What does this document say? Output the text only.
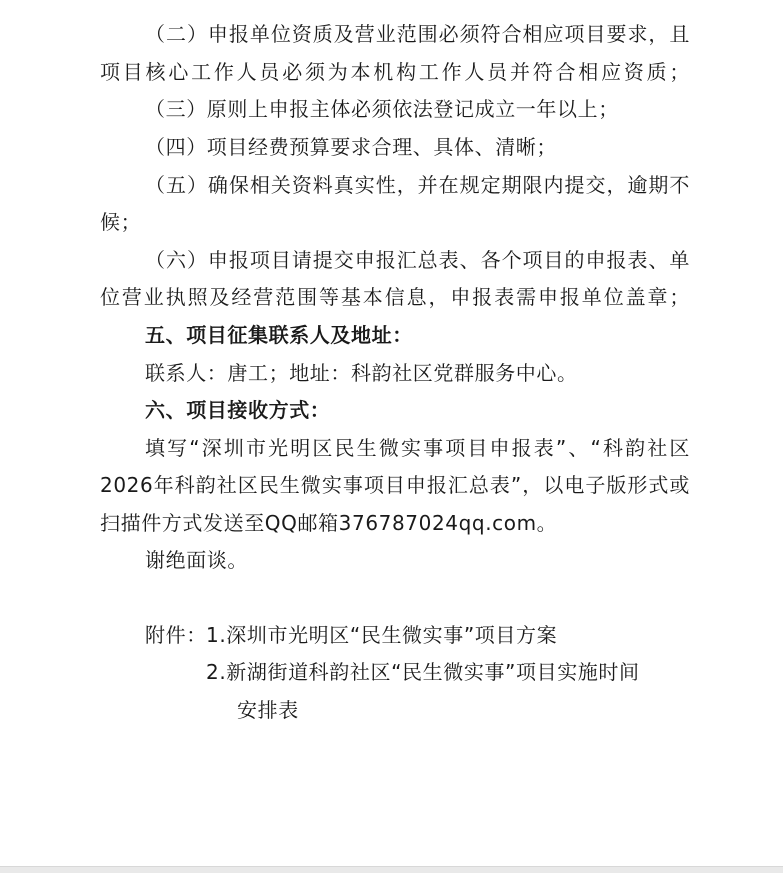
（二）申报单位资质及营业范围必须符合相应项目要求，且
项目核心工作人员必须为本机构工作人员并符合相应资质；
（三）原则上申报主体必须依法登记成立一年以上；
（四）项目经费预算要求合理、具体、清晰；
（五）确保相关资料真实性，并在规定期限内提交，逾期不
候；
（六）申报项目请提交申报汇总表、各个项目的申报表、单
位营业执照及经营范围等基本信息，申报表需申报单位盖章；
五、项目征集联系人及地址：
联系人：唐工；地址：科韵社区党群服务中心。
六、项目接收方式：
填写“深圳市光明区民生微实事项目申报表”、“科韵社区
2026年科韵社区民生微实事项目申报汇总表”，以电子版形式或
扫描件方式发送至QQ邮箱376787024qq.com。
谢绝面谈。
附件： 1.深圳市光明区“民生微实事”项目方案
2.新湖街道科韵社区“民生微实事”项目实施时间
安排表
